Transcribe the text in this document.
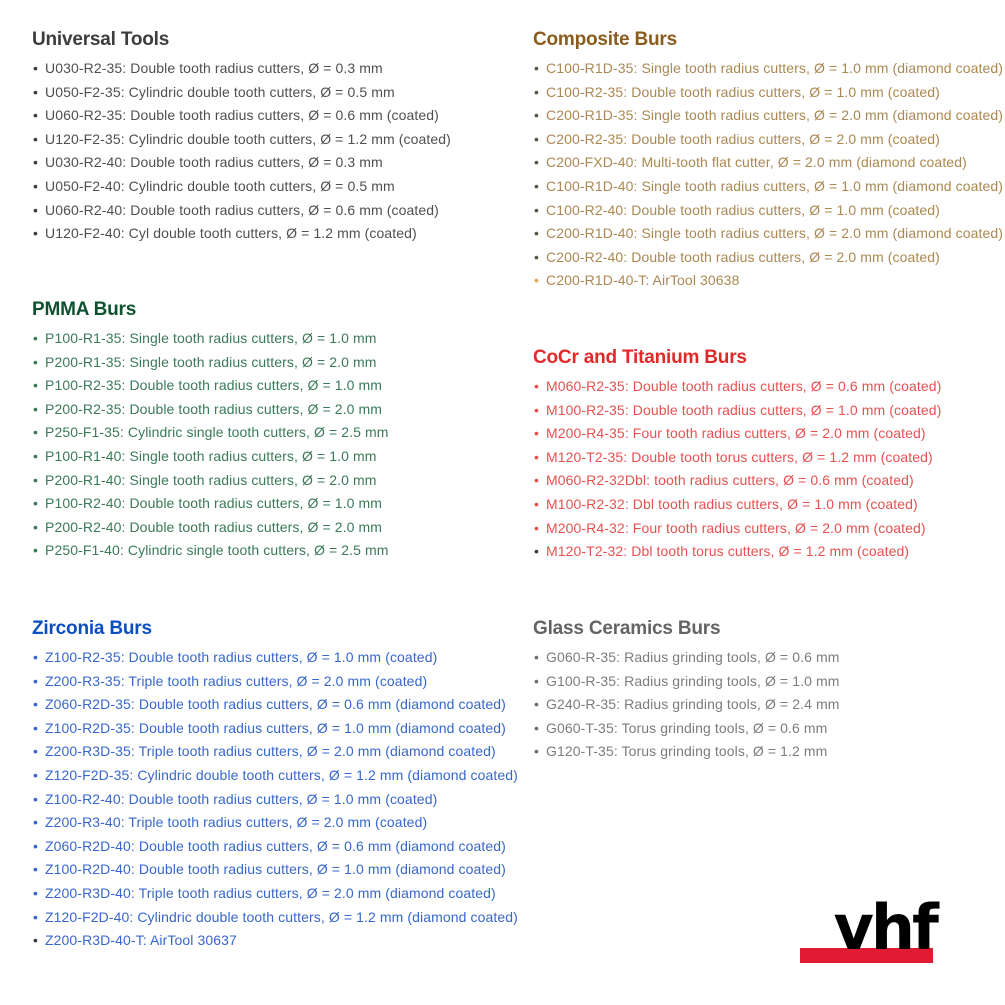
Universal Tools
• U030-R2-35: Double tooth radius cutters, Ø = 0.3 mm
• U050-F2-35: Cylindric double tooth cutters, Ø = 0.5 mm
• U060-R2-35: Double tooth radius cutters, Ø = 0.6 mm (coated)
• U120-F2-35: Cylindric double tooth cutters, Ø = 1.2 mm (coated)
• U030-R2-40: Double tooth radius cutters, Ø = 0.3 mm
• U050-F2-40: Cylindric double tooth cutters, Ø = 0.5 mm
• U060-R2-40: Double tooth radius cutters, Ø = 0.6 mm (coated)
• U120-F2-40: Cyl double tooth cutters, Ø = 1.2 mm (coated)
PMMA Burs
• P100-R1-35: Single tooth radius cutters, Ø = 1.0 mm
• P200-R1-35: Single tooth radius cutters, Ø = 2.0 mm
• P100-R2-35: Double tooth radius cutters, Ø = 1.0 mm
• P200-R2-35: Double tooth radius cutters, Ø = 2.0 mm
• P250-F1-35: Cylindric single tooth cutters, Ø = 2.5 mm
• P100-R1-40: Single tooth radius cutters, Ø = 1.0 mm
• P200-R1-40: Single tooth radius cutters, Ø = 2.0 mm
• P100-R2-40: Double tooth radius cutters, Ø = 1.0 mm
• P200-R2-40: Double tooth radius cutters, Ø = 2.0 mm
• P250-F1-40: Cylindric single tooth cutters, Ø = 2.5 mm
Zirconia Burs
• Z100-R2-35: Double tooth radius cutters, Ø = 1.0 mm (coated)
• Z200-R3-35: Triple tooth radius cutters, Ø = 2.0 mm (coated)
• Z060-R2D-35: Double tooth radius cutters, Ø = 0.6 mm (diamond coated)
• Z100-R2D-35: Double tooth radius cutters, Ø = 1.0 mm (diamond coated)
• Z200-R3D-35: Triple tooth radius cutters, Ø = 2.0 mm (diamond coated)
• Z120-F2D-35: Cylindric double tooth cutters, Ø = 1.2 mm (diamond coated)
• Z100-R2-40: Double tooth radius cutters, Ø = 1.0 mm (coated)
• Z200-R3-40: Triple tooth radius cutters, Ø = 2.0 mm (coated)
• Z060-R2D-40: Double tooth radius cutters, Ø = 0.6 mm (diamond coated)
• Z100-R2D-40: Double tooth radius cutters, Ø = 1.0 mm (diamond coated)
• Z200-R3D-40: Triple tooth radius cutters, Ø = 2.0 mm (diamond coated)
• Z120-F2D-40: Cylindric double tooth cutters, Ø = 1.2 mm (diamond coated)
• Z200-R3D-40-T: AirTool 30637
Composite Burs
• C100-R1D-35: Single tooth radius cutters, Ø = 1.0 mm (diamond coated)
• C100-R2-35: Double tooth radius cutters, Ø = 1.0 mm (coated)
• C200-R1D-35: Single tooth radius cutters, Ø = 2.0 mm (diamond coated)
• C200-R2-35: Double tooth radius cutters, Ø = 2.0 mm (coated)
• C200-FXD-40: Multi-tooth flat cutter, Ø = 2.0 mm (diamond coated)
• C100-R1D-40: Single tooth radius cutters, Ø = 1.0 mm (diamond coated)
• C100-R2-40: Double tooth radius cutters, Ø = 1.0 mm (coated)
• C200-R1D-40: Single tooth radius cutters, Ø = 2.0 mm (diamond coated)
• C200-R2-40: Double tooth radius cutters, Ø = 2.0 mm (coated)
• C200-R1D-40-T: AirTool 30638
CoCr and Titanium Burs
• M060-R2-35: Double tooth radius cutters, Ø = 0.6 mm (coated)
• M100-R2-35: Double tooth radius cutters, Ø = 1.0 mm (coated)
• M200-R4-35: Four tooth radius cutters, Ø = 2.0 mm (coated)
• M120-T2-35: Double tooth torus cutters, Ø = 1.2 mm (coated)
• M060-R2-32Dbl: tooth radius cutters, Ø = 0.6 mm (coated)
• M100-R2-32: Dbl tooth radius cutters, Ø = 1.0 mm (coated)
• M200-R4-32: Four tooth radius cutters, Ø = 2.0 mm (coated)
• M120-T2-32: Dbl tooth torus cutters, Ø = 1.2 mm (coated)
Glass Ceramics Burs
• G060-R-35: Radius grinding tools, Ø = 0.6 mm
• G100-R-35: Radius grinding tools, Ø = 1.0 mm
• G240-R-35: Radius grinding tools, Ø = 2.4 mm
• G060-T-35: Torus grinding tools, Ø = 0.6 mm
• G120-T-35: Torus grinding tools, Ø = 1.2 mm
vhf
